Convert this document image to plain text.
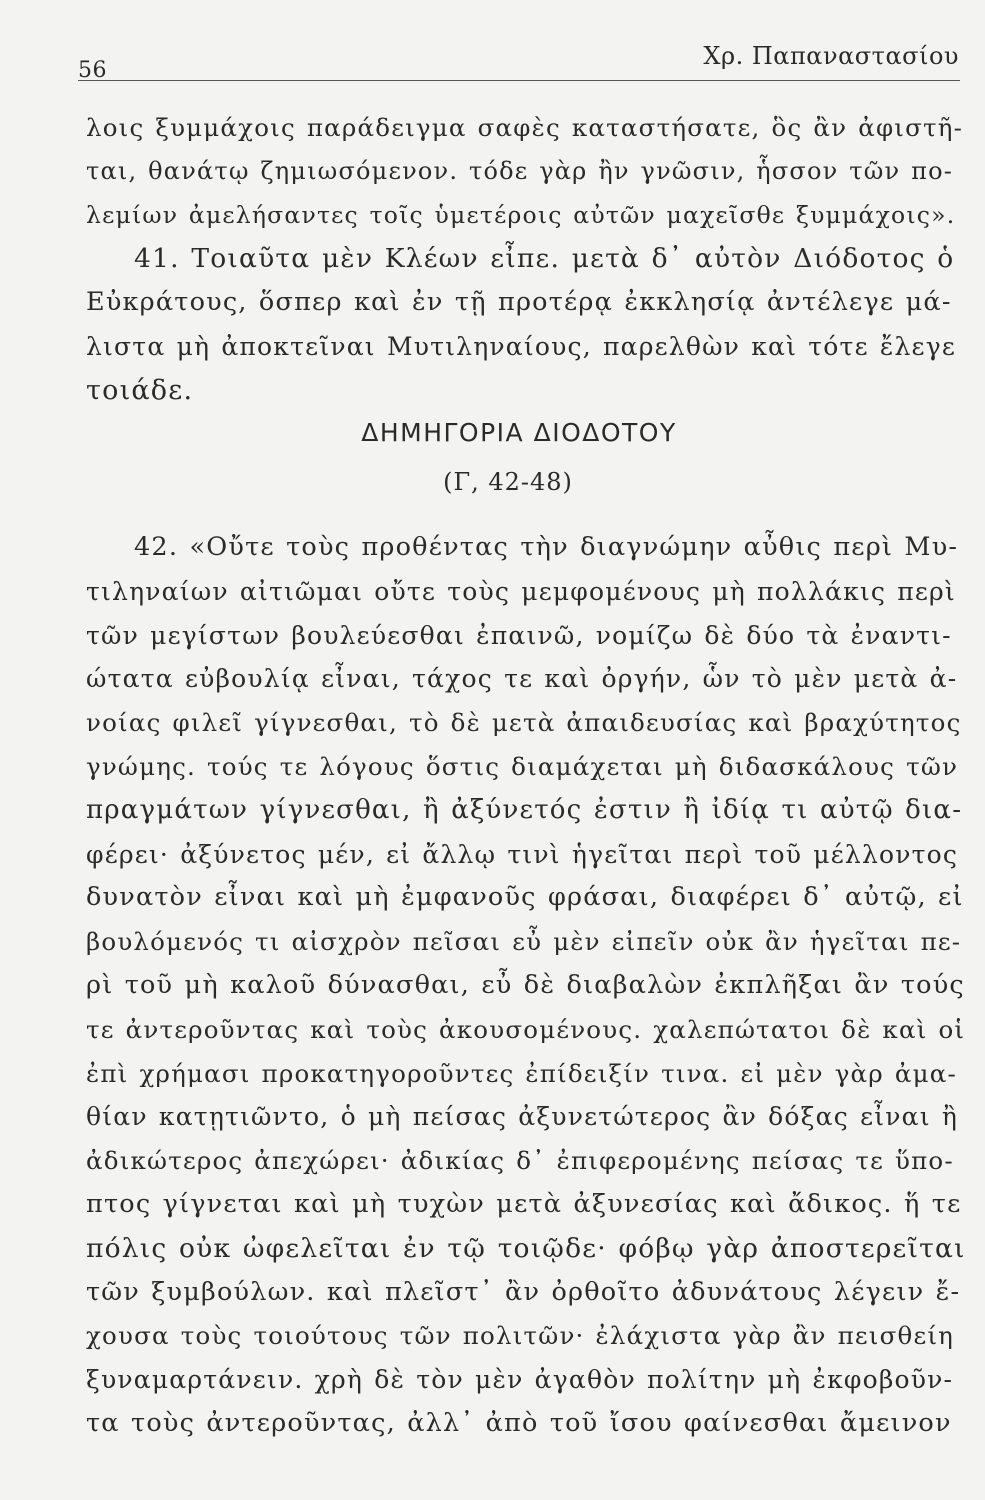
56
Χρ. Παπαναστασίου
λοις ξυμμάχοις παράδειγμα σαφὲς καταστήσατε, ὃς ἂν ἀφιστῆ-
ται, θανάτῳ ζημιωσόμενον. τόδε γὰρ ἢν γνῶσιν, ἧσσον τῶν πο-
λεμίων ἀμελήσαντες τοῖς ὑμετέροις αὐτῶν μαχεῖσθε ξυμμάχοις».
41. Τοιαῦτα μὲν Κλέων εἶπε. μετὰ δ᾽ αὐτὸν Διόδοτος ὁ
Εὐκράτους, ὅσπερ καὶ ἐν τῇ προτέρᾳ ἐκκλησίᾳ ἀντέλεγε μά-
λιστα μὴ ἀποκτεῖναι Μυτιληναίους, παρελθὼν καὶ τότε ἔλεγε
τοιάδε.
ΔΗΜΗΓΟΡΙΑ ΔΙΟΔΟΤΟΥ
(Γ, 42-48)
42. «Οὔτε τοὺς προθέντας τὴν διαγνώμην αὖθις περὶ Μυ-
τιληναίων αἰτιῶμαι οὔτε τοὺς μεμφομένους μὴ πολλάκις περὶ
τῶν μεγίστων βουλεύεσθαι ἐπαινῶ, νομίζω δὲ δύο τὰ ἐναντι-
ώτατα εὐβουλίᾳ εἶναι, τάχος τε καὶ ὀργήν, ὧν τὸ μὲν μετὰ ἀ-
νοίας φιλεῖ γίγνεσθαι, τὸ δὲ μετὰ ἀπαιδευσίας καὶ βραχύτητος
γνώμης. τούς τε λόγους ὅστις διαμάχεται μὴ διδασκάλους τῶν
πραγμάτων γίγνεσθαι, ἢ ἀξύνετός ἐστιν ἢ ἰδίᾳ τι αὐτῷ δια-
φέρει· ἀξύνετος μέν, εἰ ἄλλῳ τινὶ ἡγεῖται περὶ τοῦ μέλλοντος
δυνατὸν εἶναι καὶ μὴ ἐμφανοῦς φράσαι, διαφέρει δ᾽ αὐτῷ, εἰ
βουλόμενός τι αἰσχρὸν πεῖσαι εὖ μὲν εἰπεῖν οὐκ ἂν ἡγεῖται πε-
ρὶ τοῦ μὴ καλοῦ δύνασθαι, εὖ δὲ διαβαλὼν ἐκπλῆξαι ἂν τούς
τε ἀντεροῦντας καὶ τοὺς ἀκουσομένους. χαλεπώτατοι δὲ καὶ οἱ
ἐπὶ χρήμασι προκατηγοροῦντες ἐπίδειξίν τινα. εἰ μὲν γὰρ ἀμα-
θίαν κατῃτιῶντο, ὁ μὴ πείσας ἀξυνετώτερος ἂν δόξας εἶναι ἢ
ἀδικώτερος ἀπεχώρει· ἀδικίας δ᾽ ἐπιφερομένης πείσας τε ὕπο-
πτος γίγνεται καὶ μὴ τυχὼν μετὰ ἀξυνεσίας καὶ ἄδικος. ἥ τε
πόλις οὐκ ὠφελεῖται ἐν τῷ τοιῷδε· φόβῳ γὰρ ἀποστερεῖται
τῶν ξυμβούλων. καὶ πλεῖστ᾽ ἂν ὀρθοῖτο ἀδυνάτους λέγειν ἔ-
χουσα τοὺς τοιούτους τῶν πολιτῶν· ἐλάχιστα γὰρ ἂν πεισθείη
ξυναμαρτάνειν. χρὴ δὲ τὸν μὲν ἀγαθὸν πολίτην μὴ ἐκφοβοῦν-
τα τοὺς ἀντεροῦντας, ἀλλ᾽ ἀπὸ τοῦ ἴσου φαίνεσθαι ἄμεινον
